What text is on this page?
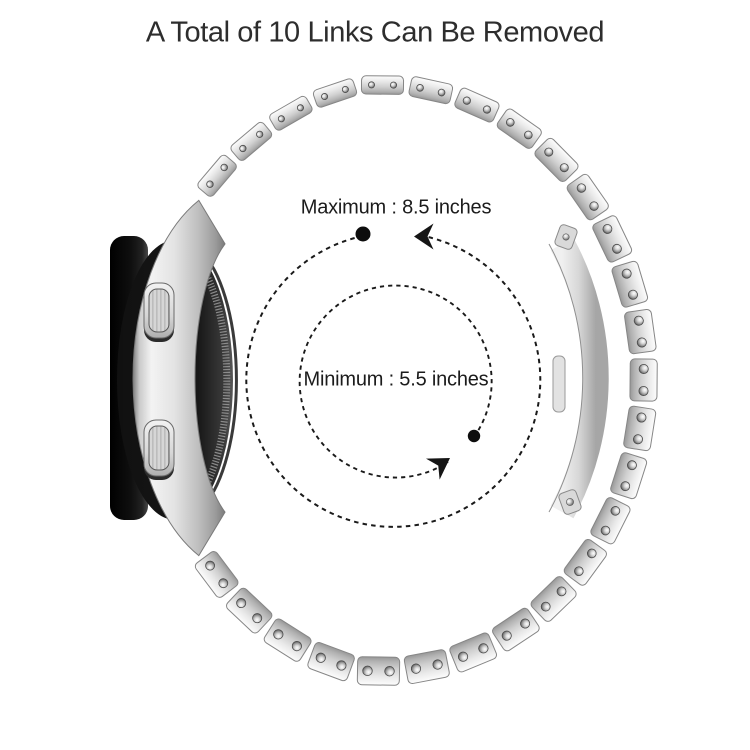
A Total of 10 Links Can Be Removed
Maximum : 8.5 inches
Minimum : 5.5 inches
